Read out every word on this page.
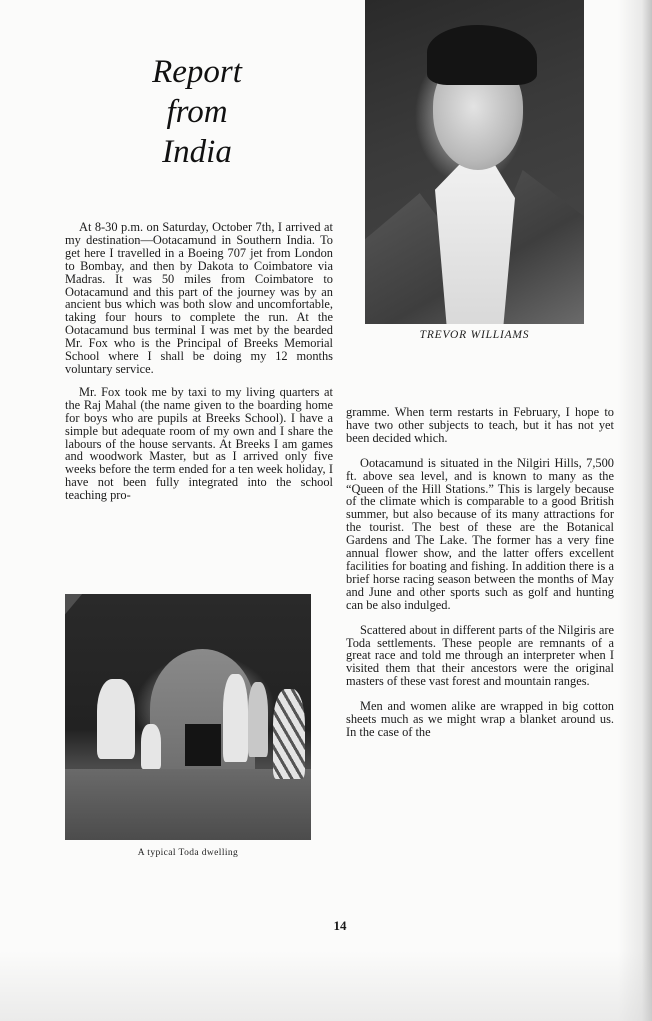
Report
from
India
TREVOR WILLIAMS

At 8-30 p.m. on Saturday, October 7th, I arrived at my destination—Ootacamund in Southern India. To get here I travelled in a Boeing 707 jet from London to Bombay, and then by Dakota to Coimbatore via Madras. It was 50 miles from Coimbatore to Ootacamund and this part of the journey was by an ancient bus which was both slow and uncomfortable, taking four hours to complete the run. At the Ootacamund bus terminal I was met by the bearded Mr. Fox who is the Principal of Breeks Memorial School where I shall be doing my 12 months voluntary service.

Mr. Fox took me by taxi to my living quarters at the Raj Mahal (the name given to the boarding home for boys who are pupils at Breeks School). I have a simple but adequate room of my own and I share the labours of the house servants. At Breeks I am games and woodwork Master, but as I arrived only five weeks before the term ended for a ten week holiday, I have not been fully integrated into the school teaching pro-

gramme. When term restarts in February, I hope to have two other subjects to teach, but it has not yet been decided which.

Ootacamund is situated in the Nilgiri Hills, 7,500 ft. above sea level, and is known to many as the “Queen of the Hill Stations.” This is largely because of the climate which is comparable to a good British summer, but also because of its many attractions for the tourist. The best of these are the Botanical Gardens and The Lake. The former has a very fine annual flower show, and the latter offers excellent facilities for boating and fishing. In addition there is a brief horse racing season between the months of May and June and other sports such as golf and hunting can be also indulged.

Scattered about in different parts of the Nilgiris are Toda settlements. These people are remnants of a great race and told me through an interpreter when I visited them that their ancestors were the original masters of these vast forest and mountain ranges.

Men and women alike are wrapped in big cotton sheets much as we might wrap a blanket around us. In the case of the

A typical Toda dwelling
14
